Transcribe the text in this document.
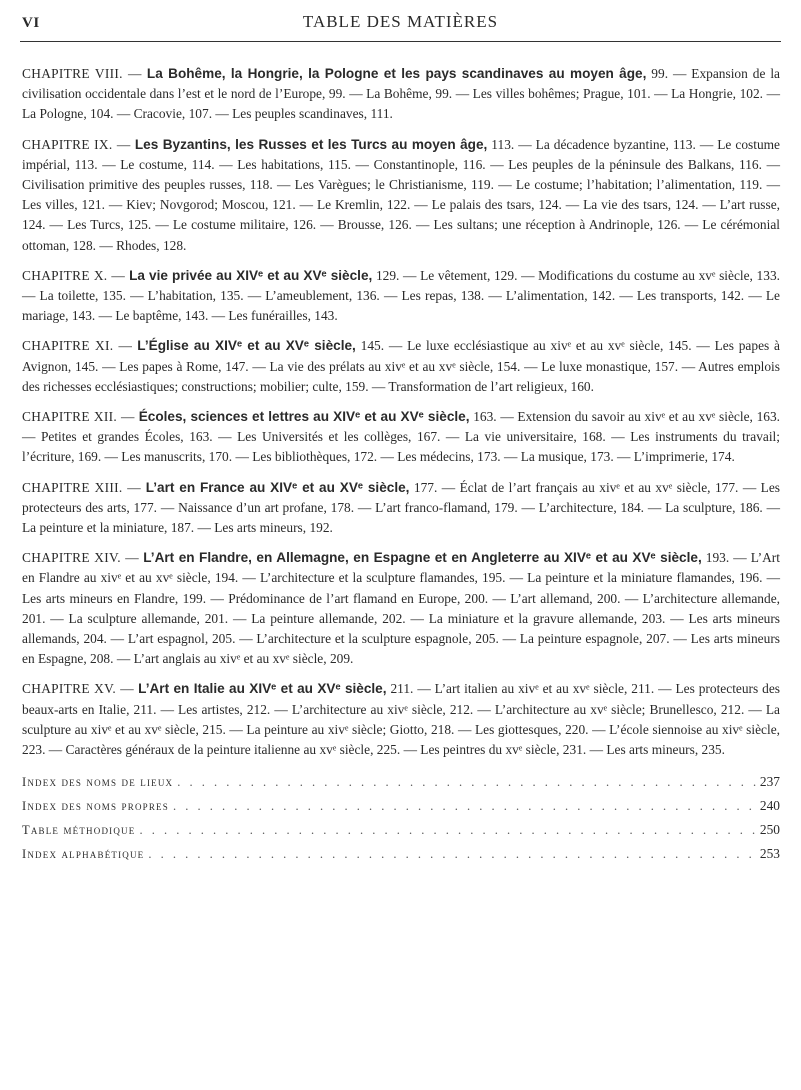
VI	TABLE DES MATIÈRES

CHAPITRE VIII. — La Bohême, la Hongrie, la Pologne et les pays scandinaves au moyen âge, 99. — Expansion de la civilisation occidentale dans l’est et le nord de l’Europe, 99. — La Bohême, 99. — Les villes bohêmes; Prague, 101. — La Hongrie, 102. — La Pologne, 104. — Cracovie, 107. — Les peuples scandinaves, 111.

CHAPITRE IX. — Les Byzantins, les Russes et les Turcs au moyen âge, 113. — La décadence byzantine, 113. — Le costume impérial, 113. — Le costume, 114. — Les habitations, 115. — Constantinople, 116. — Les peuples de la péninsule des Balkans, 116. — Civilisation primitive des peuples russes, 118. — Les Varègues; le Christianisme, 119. — Le costume; l’habitation; l’alimentation, 119. — Les villes, 121. — Kiev; Novgorod; Moscou, 121. — Le Kremlin, 122. — Le palais des tsars, 124. — La vie des tsars, 124. — L’art russe, 124. — Les Turcs, 125. — Le costume militaire, 126. — Brousse, 126. — Les sultans; une réception à Andrinople, 126. — Le cérémonial ottoman, 128. — Rhodes, 128.

CHAPITRE X. — La vie privée au XIVᵉ et au XVᵉ siècle, 129. — Le vêtement, 129. — Modifications du costume au xvᵉ siècle, 133. — La toilette, 135. — L’habitation, 135. — L’ameublement, 136. — Les repas, 138. — L’alimentation, 142. — Les transports, 142. — Le mariage, 143. — Le baptême, 143. — Les funérailles, 143.

CHAPITRE XI. — L’Église au XIVᵉ et au XVᵉ siècle, 145. — Le luxe ecclésiastique au xivᵉ et au xvᵉ siècle, 145. — Les papes à Avignon, 145. — Les papes à Rome, 147. — La vie des prélats au xivᵉ et au xvᵉ siècle, 154. — Le luxe monastique, 157. — Autres emplois des richesses ecclésiastiques; constructions; mobilier; culte, 159. — Transformation de l’art religieux, 160.

CHAPITRE XII. — Écoles, sciences et lettres au XIVᵉ et au XVᵉ siècle, 163. — Extension du savoir au xivᵉ et au xvᵉ siècle, 163. — Petites et grandes Écoles, 163. — Les Universités et les collèges, 167. — La vie universitaire, 168. — Les instruments du travail; l’écriture, 169. — Les manuscrits, 170. — Les bibliothèques, 172. — Les médecins, 173. — La musique, 173. — L’imprimerie, 174.

CHAPITRE XIII. — L’art en France au XIVᵉ et au XVᵉ siècle, 177. — Éclat de l’art français au xivᵉ et au xvᵉ siècle, 177. — Les protecteurs des arts, 177. — Naissance d’un art profane, 178. — L’art franco-flamand, 179. — L’architecture, 184. — La sculpture, 186. — La peinture et la miniature, 187. — Les arts mineurs, 192.

CHAPITRE XIV. — L’Art en Flandre, en Allemagne, en Espagne et en Angleterre au XIVᵉ et au XVᵉ siècle, 193. — L’Art en Flandre au xivᵉ et au xvᵉ siècle, 194. — L’architecture et la sculpture flamandes, 195. — La peinture et la miniature flamandes, 196. — Les arts mineurs en Flandre, 199. — Prédominance de l’art flamand en Europe, 200. — L’art allemand, 200. — L’architecture allemande, 201. — La sculpture allemande, 201. — La peinture allemande, 202. — La miniature et la gravure allemande, 203. — Les arts mineurs allemands, 204. — L’art espagnol, 205. — L’architecture et la sculpture espagnole, 205. — La peinture espagnole, 207. — Les arts mineurs en Espagne, 208. — L’art anglais au xivᵉ et au xvᵉ siècle, 209.

CHAPITRE XV. — L’Art en Italie au XIVᵉ et au XVᵉ siècle, 211. — L’art italien au xivᵉ et au xvᵉ siècle, 211. — Les protecteurs des beaux-arts en Italie, 211. — Les artistes, 212. — L’architecture au xivᵉ siècle, 212. — L’architecture au xvᵉ siècle; Brunellesco, 212. — La sculpture au xivᵉ et au xvᵉ siècle, 215. — La peinture au xivᵉ siècle; Giotto, 218. — Les giottesques, 220. — L’école siennoise au xivᵉ siècle, 223. — Caractères généraux de la peinture italienne au xvᵉ siècle, 225. — Les peintres du xvᵉ siècle, 231. — Les arts mineurs, 235.

Index des noms de lieux . . .	237
Index des noms propres . . .	240
Table méthodique . . .	250
Index alphabétique . . .	253
